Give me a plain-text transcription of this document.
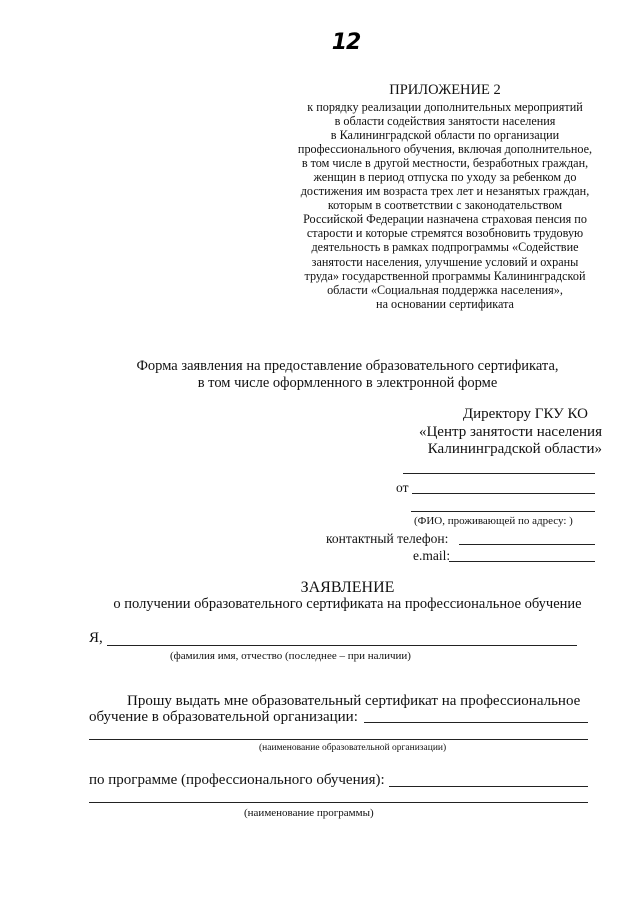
12
ПРИЛОЖЕНИЕ 2
к порядку реализации дополнительных мероприятий
в области содействия занятости населения
в Калининградской области по организации
профессионального обучения, включая дополнительное,
в том числе в другой местности, безработных граждан,
женщин в период отпуска по уходу за ребенком до
достижения им возраста трех лет и незанятых граждан,
которым в соответствии с законодательством
Российской Федерации назначена страховая пенсия по
старости и которые стремятся возобновить трудовую
деятельность в рамках подпрограммы «Содействие
занятости населения, улучшение условий и охраны
труда» государственной программы Калининградской
области «Социальная поддержка населения»,
на основании сертификата
Форма заявления на предоставление образовательного сертификата,
в том числе оформленного в электронной форме
Директору ГКУ КО
«Центр занятости населения
Калининградской области»
от
(ФИО, проживающей по адресу: )
контактный телефон:
e.mail:
ЗАЯВЛЕНИЕ
о получении образовательного сертификата на профессиональное обучение
Я,
(фамилия имя, отчество (последнее – при наличии)
Прошу выдать мне образовательный сертификат на профессиональное
обучение в образовательной организации:
(наименование образовательной организации)
по программе (профессионального обучения):
(наименование программы)
